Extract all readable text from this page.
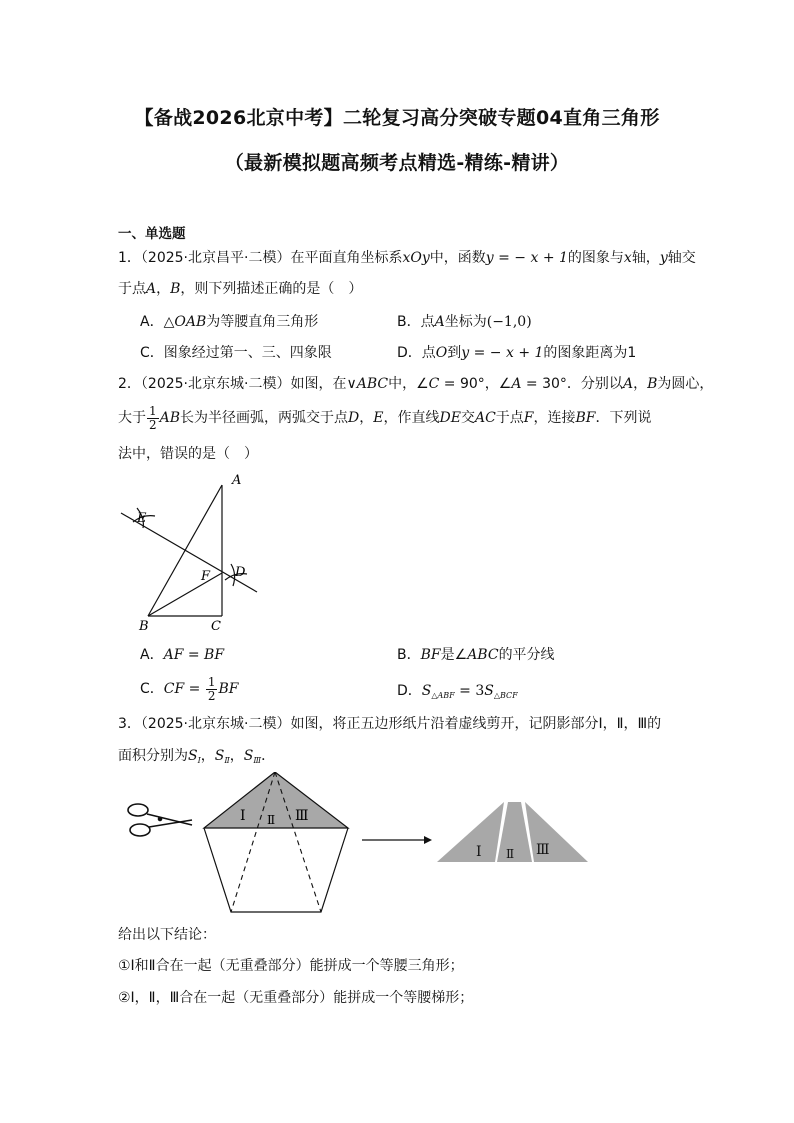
【备战2026北京中考】二轮复习高分突破专题04直角三角形
（最新模拟题高频考点精选-精练-精讲）
一、单选题
1．（2025·北京昌平·二模）在平面直角坐标系xOy中，函数y = − x + 1的图象与x轴，y轴交
于点A，B，则下列描述正确的是（　）
A．△OAB为等腰直角三角形	B．点A坐标为(−1,0)
C．图象经过第一、三、四象限	D．点O到y = − x + 1的图象距离为1
2．（2025·北京东城·二模）如图，在∨ABC中，∠C = 90°，∠A = 30°．分别以A，B为圆心，
大于 $\frac{1}{2}$ AB长为半径画弧，两弧交于点D，E，作直线DE交AC于点F，连接BF．下列说
法中，错误的是（　）
A
B	C
D
E
F
A．AF = BF	B．BF是∠ABC的平分线
C．CF = $\frac{1}{2}$ BF	D．$S_{\triangle ABF} = 3S_{\triangle BCF}$
3．（2025·北京东城·二模）如图，将正五边形纸片沿着虚线剪开，记阴影部分Ⅰ，Ⅱ，Ⅲ的
面积分别为$S_Ⅰ$，$S_Ⅱ$，$S_Ⅲ$．
Ⅰ Ⅱ Ⅲ
Ⅰ Ⅱ Ⅲ
给出以下结论：
①Ⅰ和Ⅱ合在一起（无重叠部分）能拼成一个等腰三角形；
②Ⅰ，Ⅱ，Ⅲ合在一起（无重叠部分）能拼成一个等腰梯形；
